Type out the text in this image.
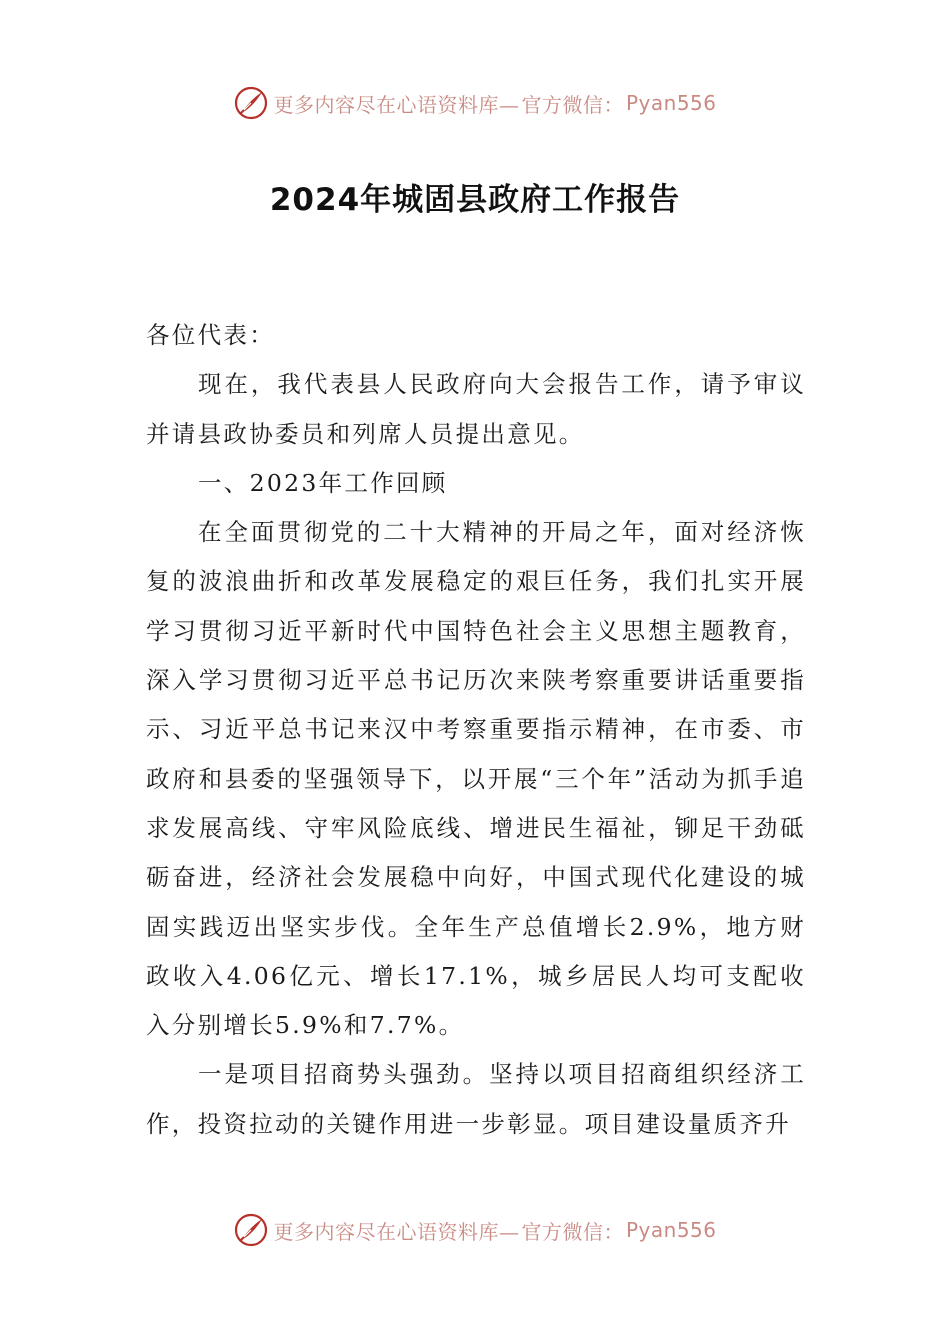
更多内容尽在心语资料库— 官方微信： Pyan556
2024年城固县政府工作报告

各位代表：

现在，我代表县人民政府向大会报告工作，请予审议并请县政协委员和列席人员提出意见。

一、2023年工作回顾

在全面贯彻党的二十大精神的开局之年，面对经济恢复的波浪曲折和改革发展稳定的艰巨任务，我们扎实开展学习贯彻习近平新时代中国特色社会主义思想主题教育，深入学习贯彻习近平总书记历次来陕考察重要讲话重要指示、习近平总书记来汉中考察重要指示精神，在市委、市政府和县委的坚强领导下，以开展“三个年”活动为抓手追求发展高线、守牢风险底线、增进民生福祉，铆足干劲砥砺奋进，经济社会发展稳中向好，中国式现代化建设的城固实践迈出坚实步伐。全年生产总值增长2.9%，地方财政收入4.06亿元、增长17.1%，城乡居民人均可支配收入分别增长5.9%和7.7%。

一是项目招商势头强劲。坚持以项目招商组织经济工作，投资拉动的关键作用进一步彰显。项目建设量质齐升

更多内容尽在心语资料库— 官方微信： Pyan556
